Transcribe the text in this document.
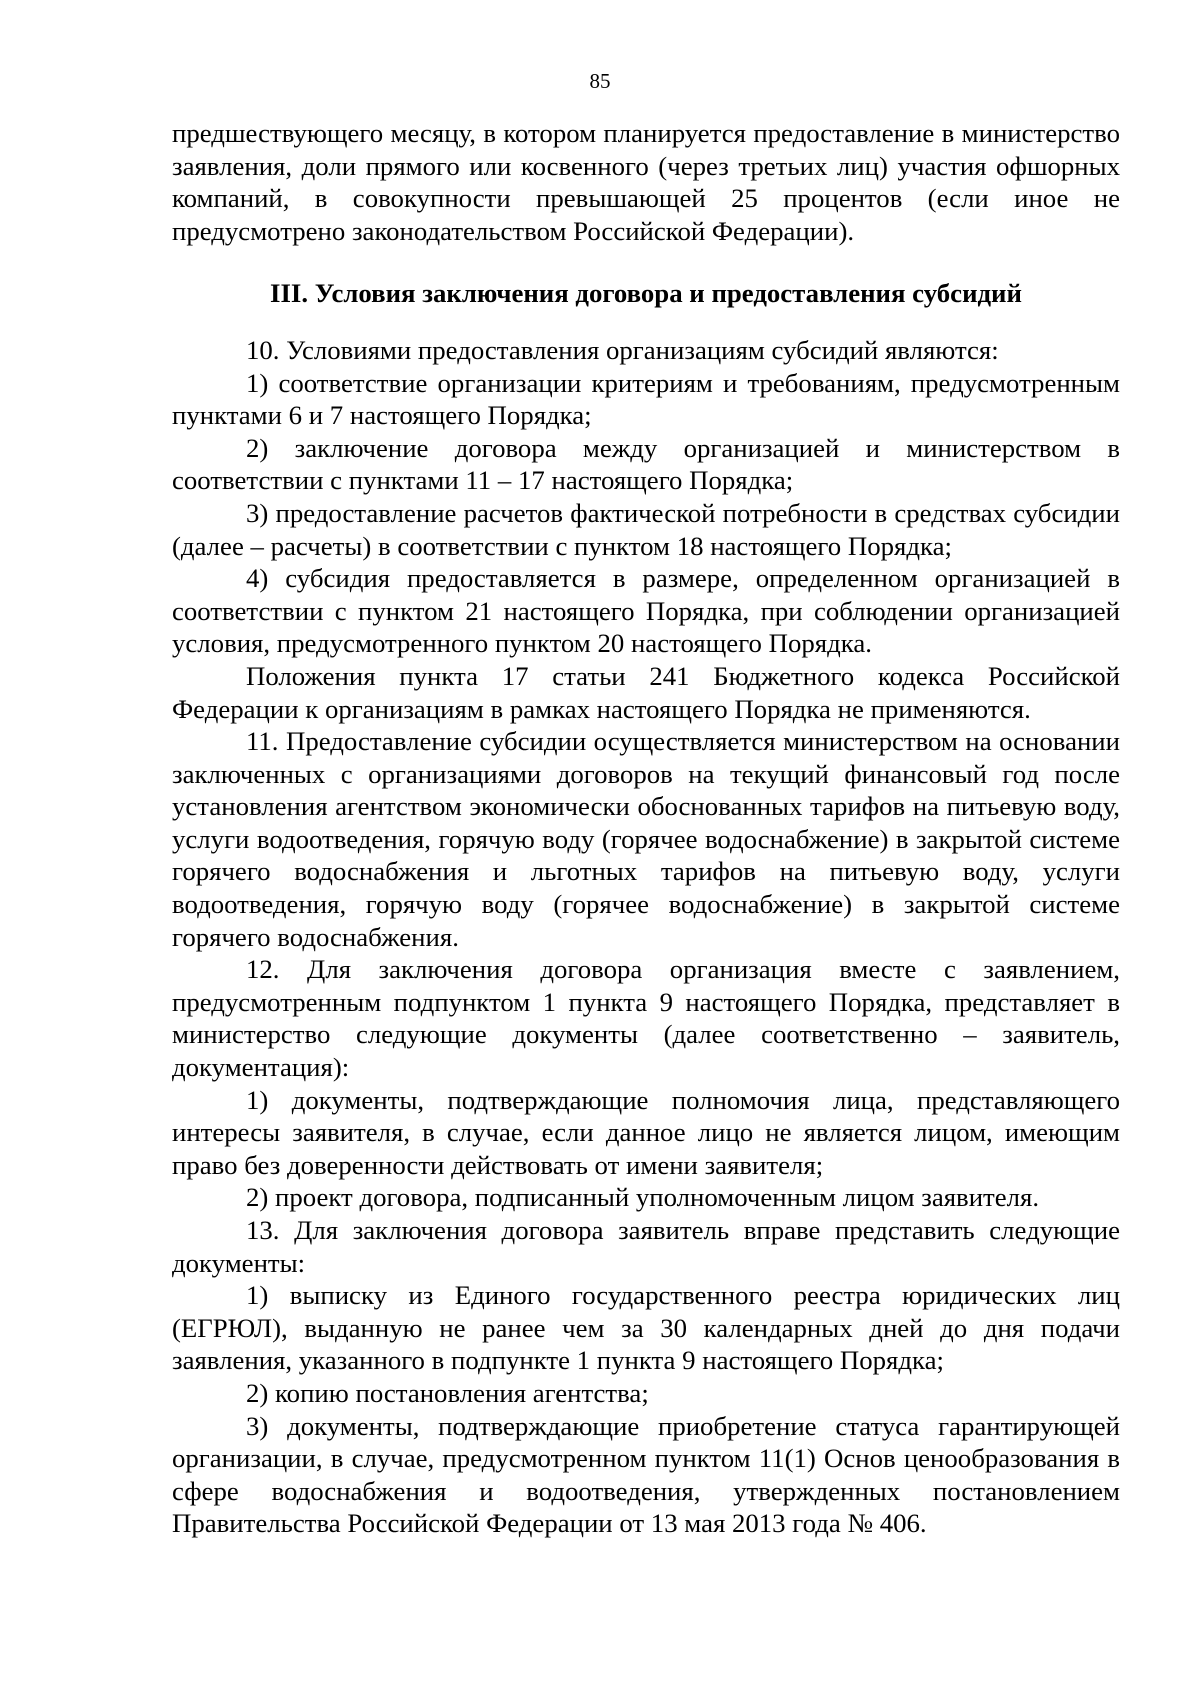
85

предшествующего месяцу, в котором планируется предоставление в министерство заявления, доли прямого или косвенного (через третьих лиц) участия офшорных компаний, в совокупности превышающей 25 процентов (если иное не предусмотрено законодательством Российской Федерации).

III. Условия заключения договора и предоставления субсидий

10. Условиями предоставления организациям субсидий являются:

1) соответствие организации критериям и требованиям, предусмотренным пунктами 6 и 7 настоящего Порядка;

2) заключение договора между организацией и министерством в соответствии с пунктами 11 – 17 настоящего Порядка;

3) предоставление расчетов фактической потребности в средствах субсидии (далее – расчеты) в соответствии с пунктом 18 настоящего Порядка;

4) субсидия предоставляется в размере, определенном организацией в соответствии с пунктом 21 настоящего Порядка, при соблюдении организацией условия, предусмотренного пунктом 20 настоящего Порядка.

Положения пункта 17 статьи 241 Бюджетного кодекса Российской Федерации к организациям в рамках настоящего Порядка не применяются.

11. Предоставление субсидии осуществляется министерством на основании заключенных с организациями договоров на текущий финансовый год после установления агентством экономически обоснованных тарифов на питьевую воду, услуги водоотведения, горячую воду (горячее водоснабжение) в закрытой системе горячего водоснабжения и льготных тарифов на питьевую воду, услуги водоотведения, горячую воду (горячее водоснабжение) в закрытой системе горячего водоснабжения.

12. Для заключения договора организация вместе с заявлением, предусмотренным подпунктом 1 пункта 9 настоящего Порядка, представляет в министерство следующие документы (далее соответственно – заявитель, документация):

1) документы, подтверждающие полномочия лица, представляющего интересы заявителя, в случае, если данное лицо не является лицом, имеющим право без доверенности действовать от имени заявителя;

2) проект договора, подписанный уполномоченным лицом заявителя.

13. Для заключения договора заявитель вправе представить следующие документы:

1) выписку из Единого государственного реестра юридических лиц (ЕГРЮЛ), выданную не ранее чем за 30 календарных дней до дня подачи заявления, указанного в подпункте 1 пункта 9 настоящего Порядка;

2) копию постановления агентства;

3) документы, подтверждающие приобретение статуса гарантирующей организации, в случае, предусмотренном пунктом 11(1) Основ ценообразования в сфере водоснабжения и водоотведения, утвержденных постановлением Правительства Российской Федерации от 13 мая 2013 года № 406.
